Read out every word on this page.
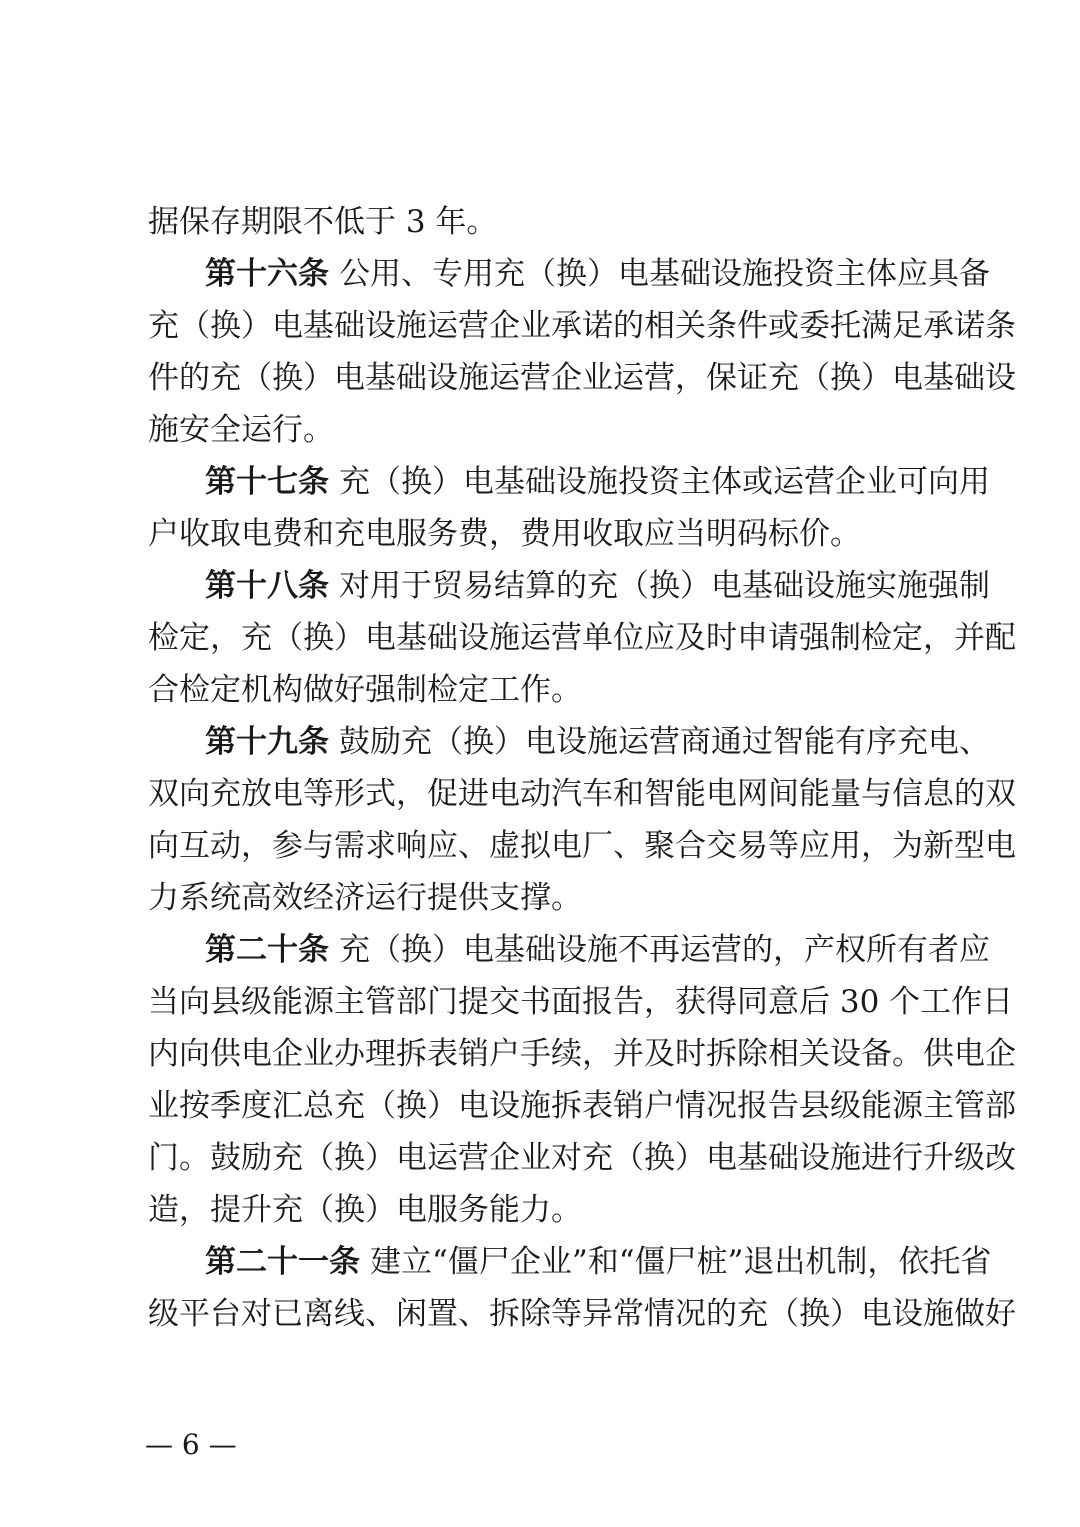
据保存期限不低于 3 年。
第十六条 公用、专用充（换）电基础设施投资主体应具备
充（换）电基础设施运营企业承诺的相关条件或委托满足承诺条
件的充（换）电基础设施运营企业运营，保证充（换）电基础设
施安全运行。
第十七条 充（换）电基础设施投资主体或运营企业可向用
户收取电费和充电服务费，费用收取应当明码标价。
第十八条 对用于贸易结算的充（换）电基础设施实施强制
检定，充（换）电基础设施运营单位应及时申请强制检定，并配
合检定机构做好强制检定工作。
第十九条 鼓励充（换）电设施运营商通过智能有序充电、
双向充放电等形式，促进电动汽车和智能电网间能量与信息的双
向互动，参与需求响应、虚拟电厂、聚合交易等应用，为新型电
力系统高效经济运行提供支撑。
第二十条 充（换）电基础设施不再运营的，产权所有者应
当向县级能源主管部门提交书面报告，获得同意后 30 个工作日
内向供电企业办理拆表销户手续，并及时拆除相关设备。供电企
业按季度汇总充（换）电设施拆表销户情况报告县级能源主管部
门。鼓励充（换）电运营企业对充（换）电基础设施进行升级改
造，提升充（换）电服务能力。
第二十一条 建立“僵尸企业”和“僵尸桩”退出机制，依托省
级平台对已离线、闲置、拆除等异常情况的充（换）电设施做好
— 6 —
